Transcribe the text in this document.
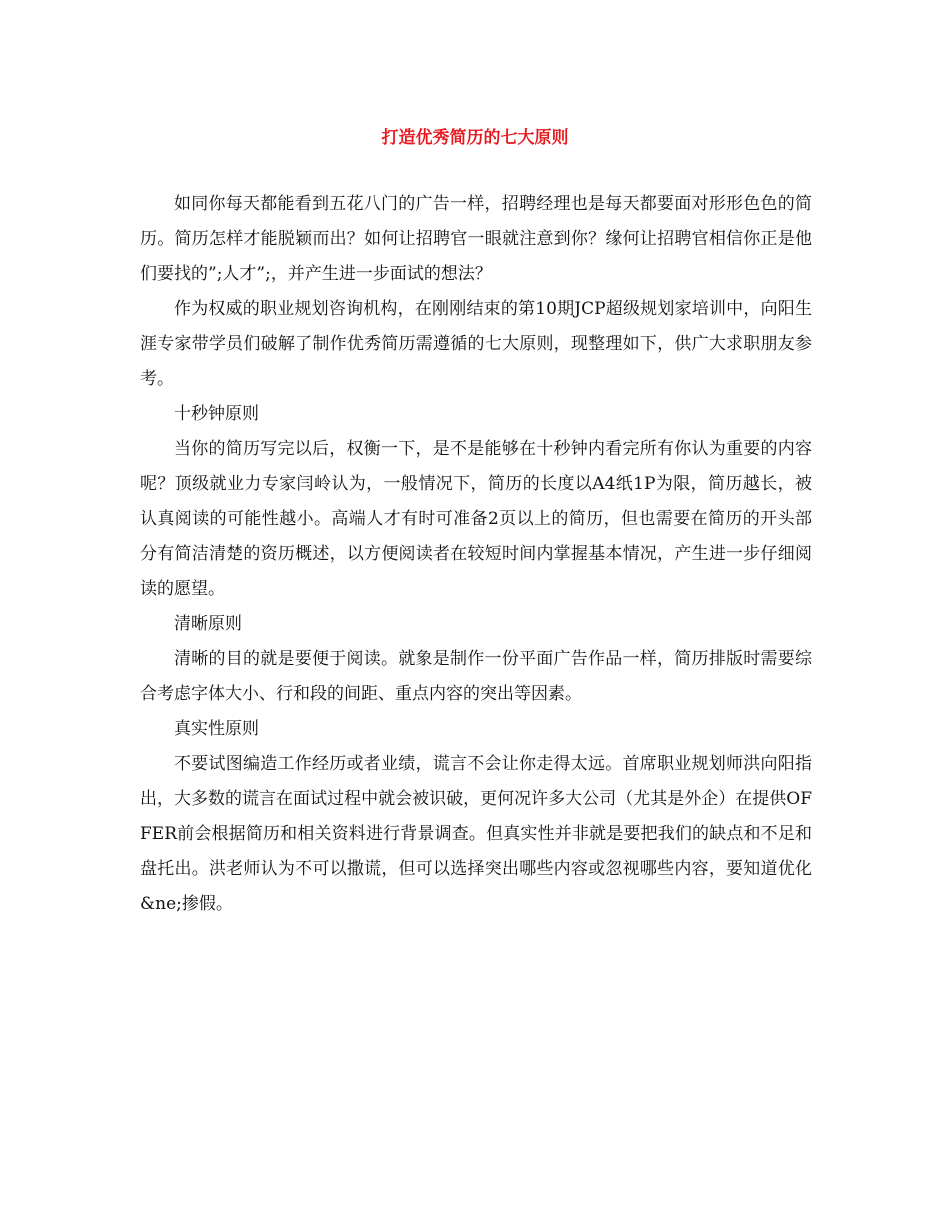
打造优秀简历的七大原则

如同你每天都能看到五花八门的广告一样，招聘经理也是每天都要面对形形色色的简历。简历怎样才能脱颖而出？如何让招聘官一眼就注意到你？缘何让招聘官相信你正是他们要找的”;人才”;，并产生进一步面试的想法？

作为权威的职业规划咨询机构，在刚刚结束的第10期JCP超级规划家培训中，向阳生涯专家带学员们破解了制作优秀简历需遵循的七大原则，现整理如下，供广大求职朋友参考。

十秒钟原则

当你的简历写完以后，权衡一下，是不是能够在十秒钟内看完所有你认为重要的内容呢？顶级就业力专家闫岭认为，一般情况下，简历的长度以A4纸1P为限，简历越长，被认真阅读的可能性越小。高端人才有时可准备2页以上的简历，但也需要在简历的开头部分有简洁清楚的资历概述，以方便阅读者在较短时间内掌握基本情况，产生进一步仔细阅读的愿望。

清晰原则

清晰的目的就是要便于阅读。就象是制作一份平面广告作品一样，简历排版时需要综合考虑字体大小、行和段的间距、重点内容的突出等因素。

真实性原则

不要试图编造工作经历或者业绩，谎言不会让你走得太远。首席职业规划师洪向阳指出，大多数的谎言在面试过程中就会被识破，更何况许多大公司（尤其是外企）在提供OFFER前会根据简历和相关资料进行背景调查。但真实性并非就是要把我们的缺点和不足和盘托出。洪老师认为不可以撒谎，但可以选择突出哪些内容或忽视哪些内容，要知道优化&ne;掺假。
